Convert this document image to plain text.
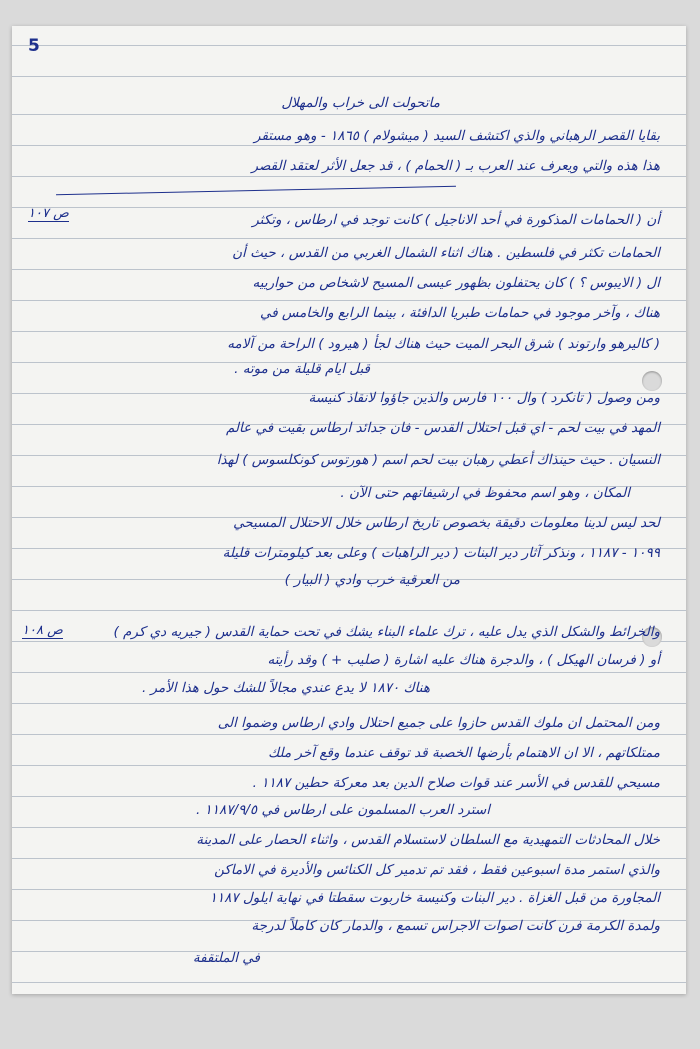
5
ص ١٠٧
ص ١٠٨
ماتحولت الى خراب والمهلال
بقايا القصر الرهباني والذي اكتشف السيد ( ميشولام ) ١٨٦٥ - وهو مستقر
هذا هذه والتي ويعرف عند العرب بـ ( الحمام ) ، قد جعل الأثر لعتقد القصر
أن ( الحمامات المذكورة في أحد الاناجيل ) كانت توجد في ارطاس ، وتكثر
الحمامات تكثر في فلسطين . هناك اثناء الشمال الغربي من القدس ، حيث أن
ال ( الايبوس ؟ ) كان يحتفلون بظهور عيسى المسيح لاشخاص من حوارييه
هناك ، وآخر موجود في حمامات طبريا الدافئة ، بينما الرابع والخامس في
( كاليرهو وارتوند ) شرق البحر الميت حيث هناك لجأ ( هيرود ) الراحة من آلامه
قبل ايام قليلة من موته .
ومن وصول ( تانكرد ) وال ١٠٠ فارس والذين جاؤوا لانقاذ كنيسة
المهد في بيت لحم - اي قبل احتلال القدس - فان جدائد ارطاس بقيت في عالم
النسيان . حيث حينذاك أعطي رهبان بيت لحم اسم ( هورتوس كونكلسوس ) لهذا
المكان ، وهو اسم محفوظ في ارشيفاتهم حتى الآن .
لحد ليس لدينا معلومات دقيقة بخصوص تاريخ ارطاس خلال الاحتلال المسيحي
١٠٩٩ - ١١٨٧ ، ونذكر آثار دير البنات ( دير الراهبات ) وعلى بعد كيلومترات قليلة
من العرقية خرب وادي ( البيار )
والخرائط والشكل الذي يدل عليه ، ترك علماء البناء يشك في تحت حماية القدس ( جيريه دي كرم )
أو ( فرسان الهيكل ) ، والدجرة هناك عليه اشارة ( صليب + ) وقد رأيته
هناك ١٨٧٠ لا يدع عندي مجالاً للشك حول هذا الأمر .
ومن المحتمل ان ملوك القدس حازوا على جميع احتلال وادي ارطاس وضموا الى
ممتلكاتهم ، الا ان الاهتمام بأرضها الخصبة قد توقف عندما وقع آخر ملك
مسيحي للقدس في الأسر عند قوات صلاح الدين بعد معركة حطين ١١٨٧ .
استرد العرب المسلمون على ارطاس في ١١٨٧/٩/٥ .
خلال المحادثات التمهيدية مع السلطان لاستسلام القدس ، واثناء الحصار على المدينة
والذي استمر مدة اسبوعين فقط ، فقد تم تدمير كل الكنائس والأديرة في الاماكن
المجاورة من قبل الغزاة . دير البنات وكنيسة خاربوت سقطتا في نهاية ايلول ١١٨٧
ولمدة الكرمة فرن كانت اصوات الاجراس تسمع ، والدمار كان كاملاً لدرجة
في الملتقفة
